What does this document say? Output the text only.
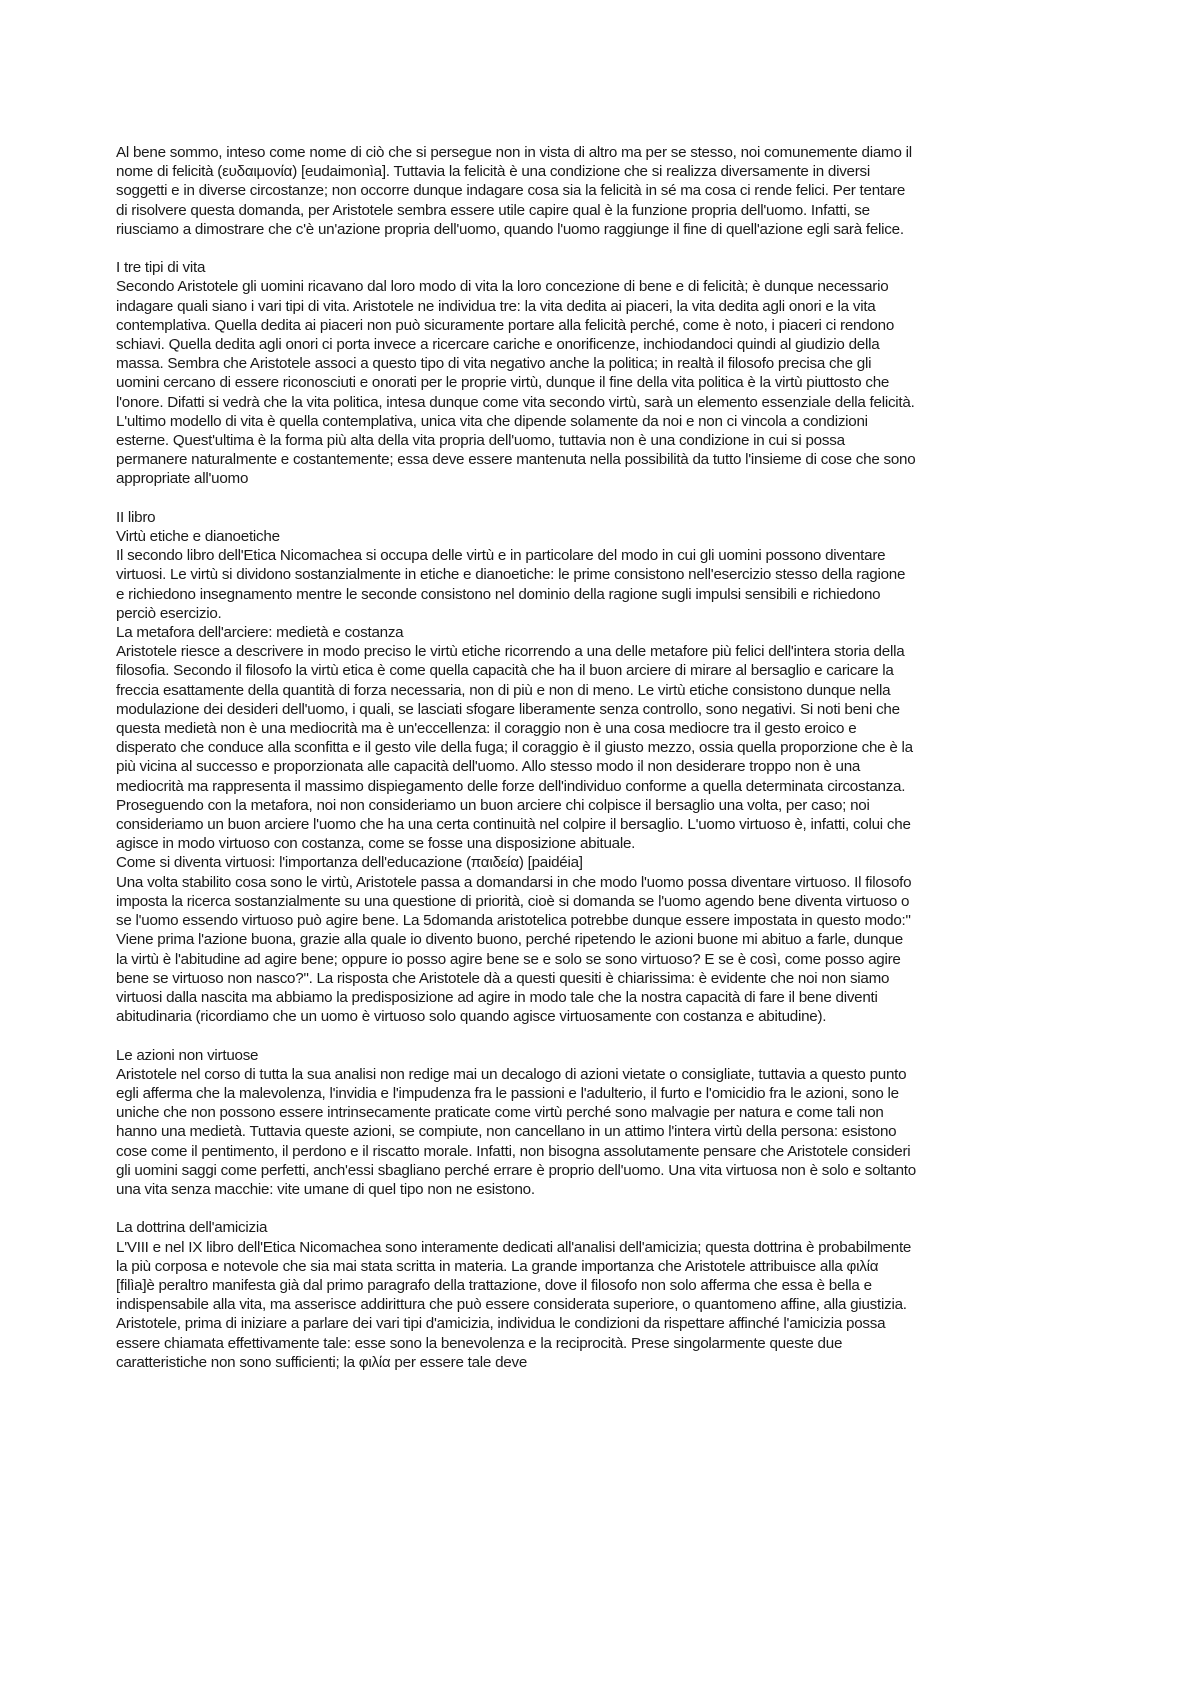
Al bene sommo, inteso come nome di ciò che si persegue non in vista di altro ma per se stesso, noi comunemente diamo il nome di felicità (ευδαιμονία) [eudaimonìa]. Tuttavia la felicità è una condizione che si realizza diversamente in diversi soggetti e in diverse circostanze; non occorre dunque indagare cosa sia la felicità in sé ma cosa ci rende felici. Per tentare di risolvere questa domanda, per Aristotele sembra essere utile capire qual è la funzione propria dell'uomo. Infatti, se riusciamo a dimostrare che c'è un'azione propria dell'uomo, quando l'uomo raggiunge il fine di quell'azione egli sarà felice.

I tre tipi di vita

Secondo Aristotele gli uomini ricavano dal loro modo di vita la loro concezione di bene e di felicità; è dunque necessario indagare quali siano i vari tipi di vita. Aristotele ne individua tre: la vita dedita ai piaceri, la vita dedita agli onori e la vita contemplativa. Quella dedita ai piaceri non può sicuramente portare alla felicità perché, come è noto, i piaceri ci rendono schiavi. Quella dedita agli onori ci porta invece a ricercare cariche e onorificenze, inchiodandoci quindi al giudizio della massa. Sembra che Aristotele associ a questo tipo di vita negativo anche la politica; in realtà il filosofo precisa che gli uomini cercano di essere riconosciuti e onorati per le proprie virtù, dunque il fine della vita politica è la virtù piuttosto che l'onore. Difatti si vedrà che la vita politica, intesa dunque come vita secondo virtù, sarà un elemento essenziale della felicità. L'ultimo modello di vita è quella contemplativa, unica vita che dipende solamente da noi e non ci vincola a condizioni esterne. Quest'ultima è la forma più alta della vita propria dell'uomo, tuttavia non è una condizione in cui si possa permanere naturalmente e costantemente; essa deve essere mantenuta nella possibilità da tutto l'insieme di cose che sono appropriate all'uomo

II libro

Virtù etiche e dianoetiche

Il secondo libro dell'Etica Nicomachea si occupa delle virtù e in particolare del modo in cui gli uomini possono diventare virtuosi. Le virtù si dividono sostanzialmente in etiche e dianoetiche: le prime consistono nell'esercizio stesso della ragione e richiedono insegnamento mentre le seconde consistono nel dominio della ragione sugli impulsi sensibili e richiedono perciò esercizio.

La metafora dell'arciere: medietà e costanza

Aristotele riesce a descrivere in modo preciso le virtù etiche ricorrendo a una delle metafore più felici dell'intera storia della filosofia. Secondo il filosofo la virtù etica è come quella capacità che ha il buon arciere di mirare al bersaglio e caricare la freccia esattamente della quantità di forza necessaria, non di più e non di meno. Le virtù etiche consistono dunque nella modulazione dei desideri dell'uomo, i quali, se lasciati sfogare liberamente senza controllo, sono negativi. Si noti beni che questa medietà non è una mediocrità ma è un'eccellenza: il coraggio non è una cosa mediocre tra il gesto eroico e disperato che conduce alla sconfitta e il gesto vile della fuga; il coraggio è il giusto mezzo, ossia quella proporzione che è la più vicina al successo e proporzionata alle capacità dell'uomo. Allo stesso modo il non desiderare troppo non è una mediocrità ma rappresenta il massimo dispiegamento delle forze dell'individuo conforme a quella determinata circostanza. Proseguendo con la metafora, noi non consideriamo un buon arciere chi colpisce il bersaglio una volta, per caso; noi consideriamo un buon arciere l'uomo che ha una certa continuità nel colpire il bersaglio. L'uomo virtuoso è, infatti, colui che agisce in modo virtuoso con costanza, come se fosse una disposizione abituale.

Come si diventa virtuosi: l'importanza dell'educazione (παιδεία) [paidéia]

Una volta stabilito cosa sono le virtù, Aristotele passa a domandarsi in che modo l'uomo possa diventare virtuoso. Il filosofo imposta la ricerca sostanzialmente su una questione di priorità, cioè si domanda se l'uomo agendo bene diventa virtuoso o se l'uomo essendo virtuoso può agire bene. La 5domanda aristotelica potrebbe dunque essere impostata in questo modo:" Viene prima l'azione buona, grazie alla quale io divento buono, perché ripetendo le azioni buone mi abituo a farle, dunque la virtù è l'abitudine ad agire bene; oppure io posso agire bene se e solo se sono virtuoso? E se è così, come posso agire bene se virtuoso non nasco?". La risposta che Aristotele dà a questi quesiti è chiarissima: è evidente che noi non siamo virtuosi dalla nascita ma abbiamo la predisposizione ad agire in modo tale che la nostra capacità di fare il bene diventi abitudinaria (ricordiamo che un uomo è virtuoso solo quando agisce virtuosamente con costanza e abitudine).

Le azioni non virtuose

Aristotele nel corso di tutta la sua analisi non redige mai un decalogo di azioni vietate o consigliate, tuttavia a questo punto egli afferma che la malevolenza, l'invidia e l'impudenza fra le passioni e l'adulterio, il furto e l'omicidio fra le azioni, sono le uniche che non possono essere intrinsecamente praticate come virtù perché sono malvagie per natura e come tali non hanno una medietà. Tuttavia queste azioni, se compiute, non cancellano in un attimo l'intera virtù della persona: esistono cose come il pentimento, il perdono e il riscatto morale. Infatti, non bisogna assolutamente pensare che Aristotele consideri gli uomini saggi come perfetti, anch'essi sbagliano perché errare è proprio dell'uomo. Una vita virtuosa non è solo e soltanto una vita senza macchie: vite umane di quel tipo non ne esistono.

La dottrina dell'amicizia

L'VIII e nel IX libro dell'Etica Nicomachea sono interamente dedicati all'analisi dell'amicizia; questa dottrina è probabilmente la più corposa e notevole che sia mai stata scritta in materia. La grande importanza che Aristotele attribuisce alla φιλία [filìa]è peraltro manifesta già dal primo paragrafo della trattazione, dove il filosofo non solo afferma che essa è bella e indispensabile alla vita, ma asserisce addirittura che può essere considerata superiore, o quantomeno affine, alla giustizia. Aristotele, prima di iniziare a parlare dei vari tipi d'amicizia, individua le condizioni da rispettare affinché l'amicizia possa essere chiamata effettivamente tale: esse sono la benevolenza e la reciprocità. Prese singolarmente queste due caratteristiche non sono sufficienti; la φιλία per essere tale deve
